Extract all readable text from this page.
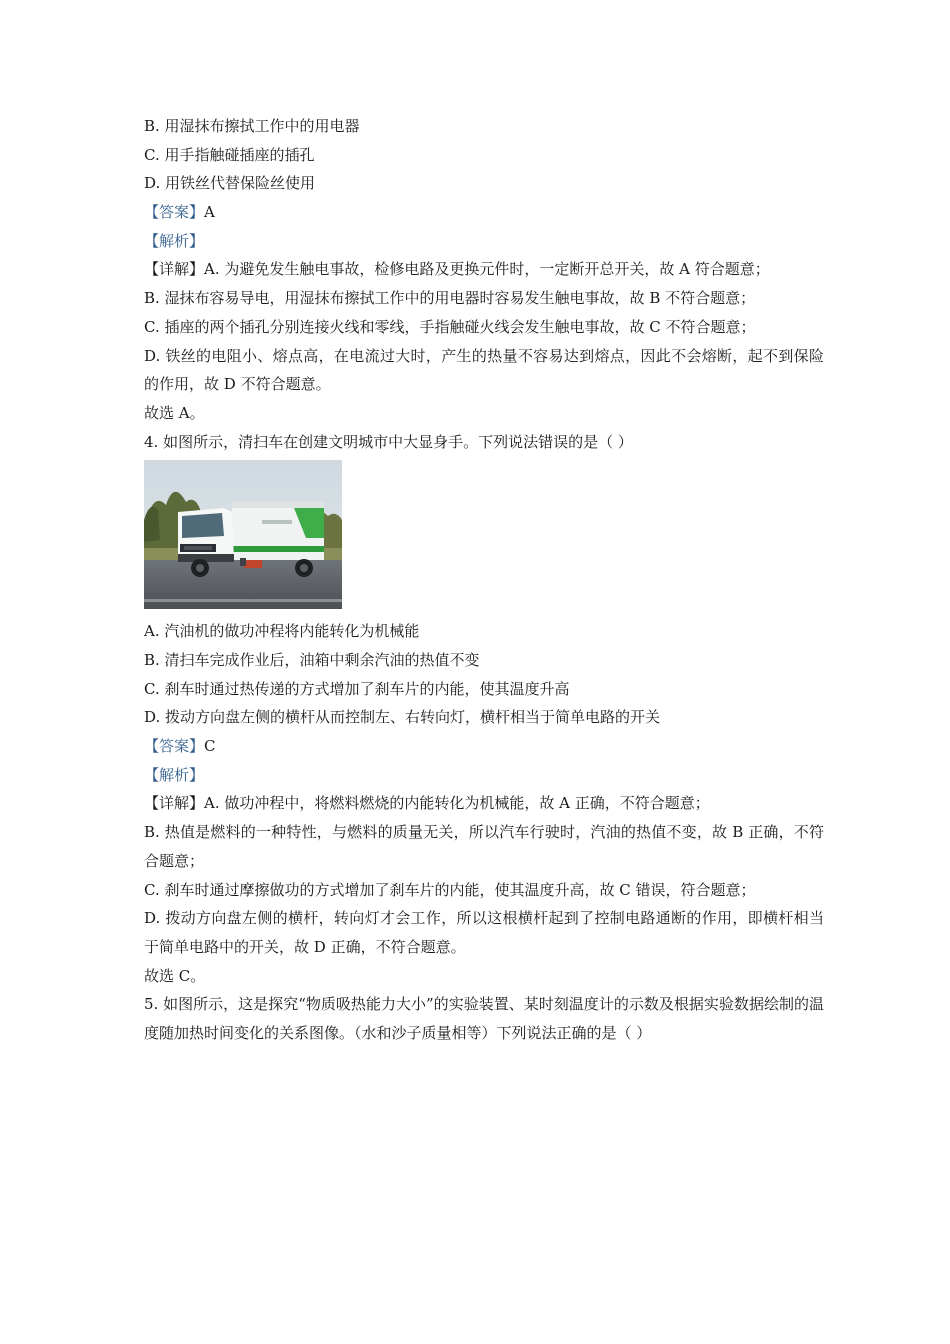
B. 用湿抹布擦拭工作中的用电器
C. 用手指触碰插座的插孔
D. 用铁丝代替保险丝使用
【答案】A
【解析】
【详解】A. 为避免发生触电事故，检修电路及更换元件时，一定断开总开关，故 A 符合题意；
B. 湿抹布容易导电，用湿抹布擦拭工作中的用电器时容易发生触电事故，故 B 不符合题意；
C. 插座的两个插孔分别连接火线和零线，手指触碰火线会发生触电事故，故 C 不符合题意；
D. 铁丝的电阻小、熔点高，在电流过大时，产生的热量不容易达到熔点，因此不会熔断，起不到保险的作用，故 D 不符合题意。
故选 A。
4. 如图所示，清扫车在创建文明城市中大显身手。下列说法错误的是（ ）
A. 汽油机的做功冲程将内能转化为机械能
B. 清扫车完成作业后，油箱中剩余汽油的热值不变
C. 刹车时通过热传递的方式增加了刹车片的内能，使其温度升高
D. 拨动方向盘左侧的横杆从而控制左、右转向灯，横杆相当于简单电路的开关
【答案】C
【解析】
【详解】A. 做功冲程中，将燃料燃烧的内能转化为机械能，故 A 正确，不符合题意；
B. 热值是燃料的一种特性，与燃料的质量无关，所以汽车行驶时，汽油的热值不变，故 B 正确，不符合题意；
C. 刹车时通过摩擦做功的方式增加了刹车片的内能，使其温度升高，故 C 错误，符合题意；
D. 拨动方向盘左侧的横杆，转向灯才会工作，所以这根横杆起到了控制电路通断的作用，即横杆相当于简单电路中的开关，故 D 正确，不符合题意。
故选 C。
5. 如图所示，这是探究“物质吸热能力大小”的实验装置、某时刻温度计的示数及根据实验数据绘制的温度随加热时间变化的关系图像。（水和沙子质量相等）下列说法正确的是（ ）
